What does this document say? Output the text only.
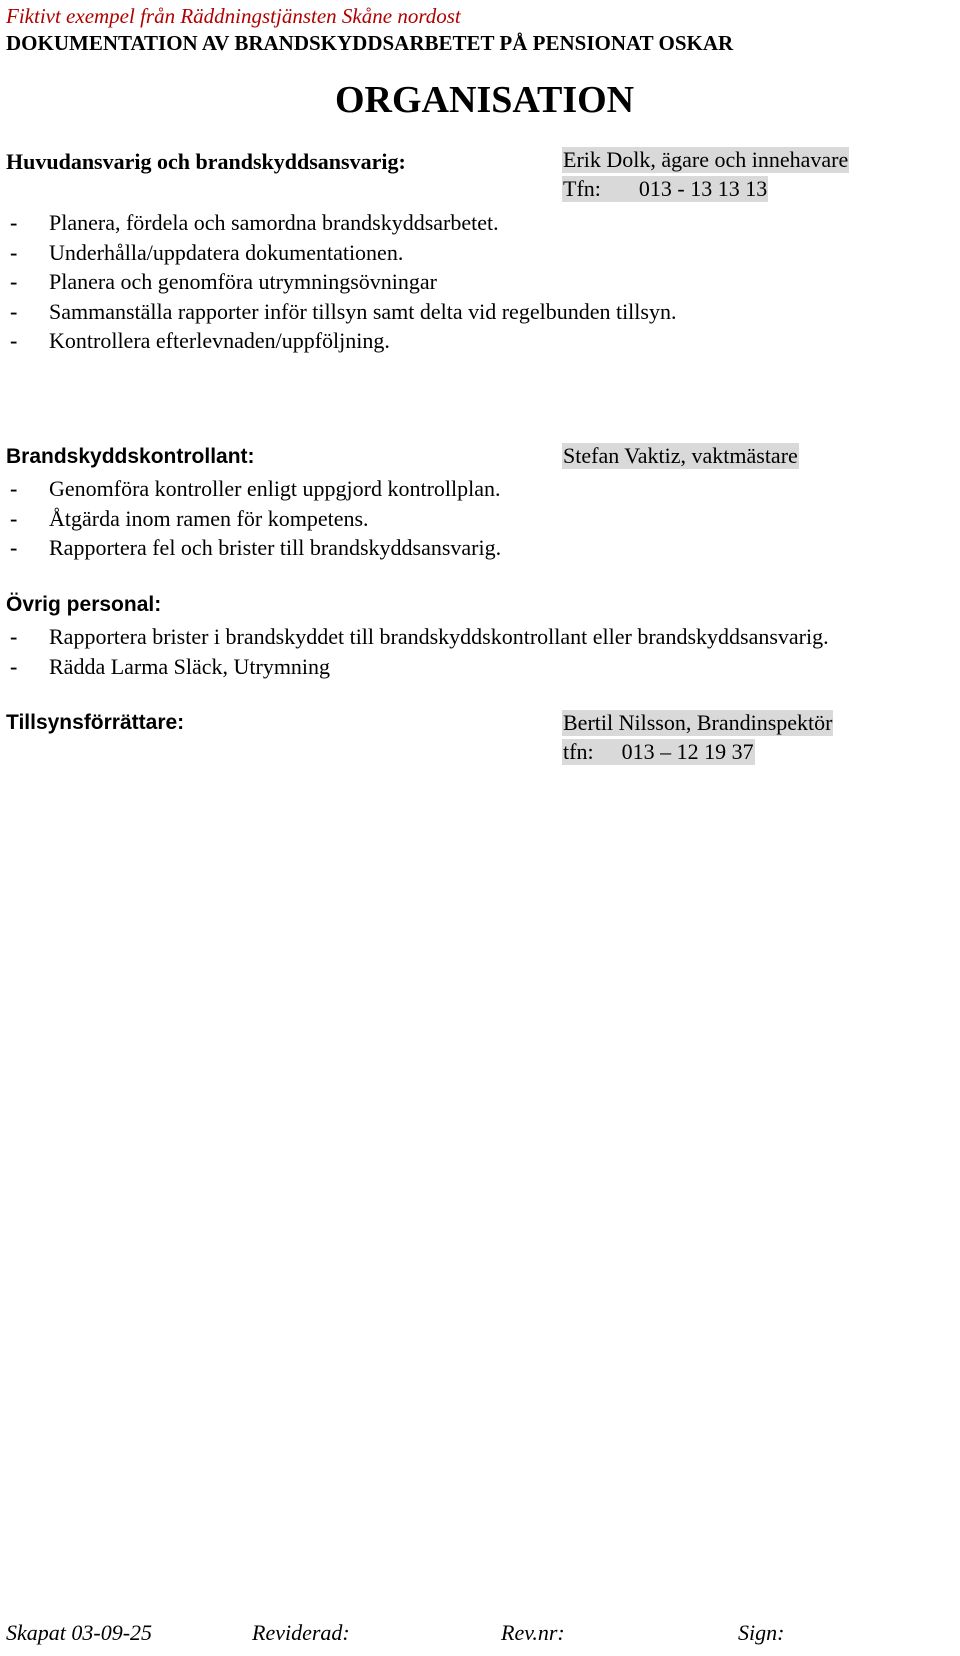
Fiktivt exempel från Räddningstjänsten Skåne nordost
DOKUMENTATION AV BRANDSKYDDSARBETET PÅ PENSIONAT OSKAR
ORGANISATION
Huvudansvarig och brandskyddsansvarig:	Erik Dolk, ägare och innehavare
Tfn: 013 - 13 13 13
- Planera, fördela och samordna brandskyddsarbetet.
- Underhålla/uppdatera dokumentationen.
- Planera och genomföra utrymningsövningar
- Sammanställa rapporter inför tillsyn samt delta vid regelbunden tillsyn.
- Kontrollera efterlevnaden/uppföljning.
Brandskyddskontrollant:	Stefan Vaktiz, vaktmästare
- Genomföra kontroller enligt uppgjord kontrollplan.
- Åtgärda inom ramen för kompetens.
- Rapportera fel och brister till brandskyddsansvarig.
Övrig personal:
- Rapportera brister i brandskyddet till brandskyddskontrollant eller brandskyddsansvarig.
- Rädda Larma Släck, Utrymning
Tillsynsförrättare:	Bertil Nilsson, Brandinspektör
tfn: 013 – 12 19 37
Skapat 03-09-25	Reviderad:	Rev.nr:	Sign:
